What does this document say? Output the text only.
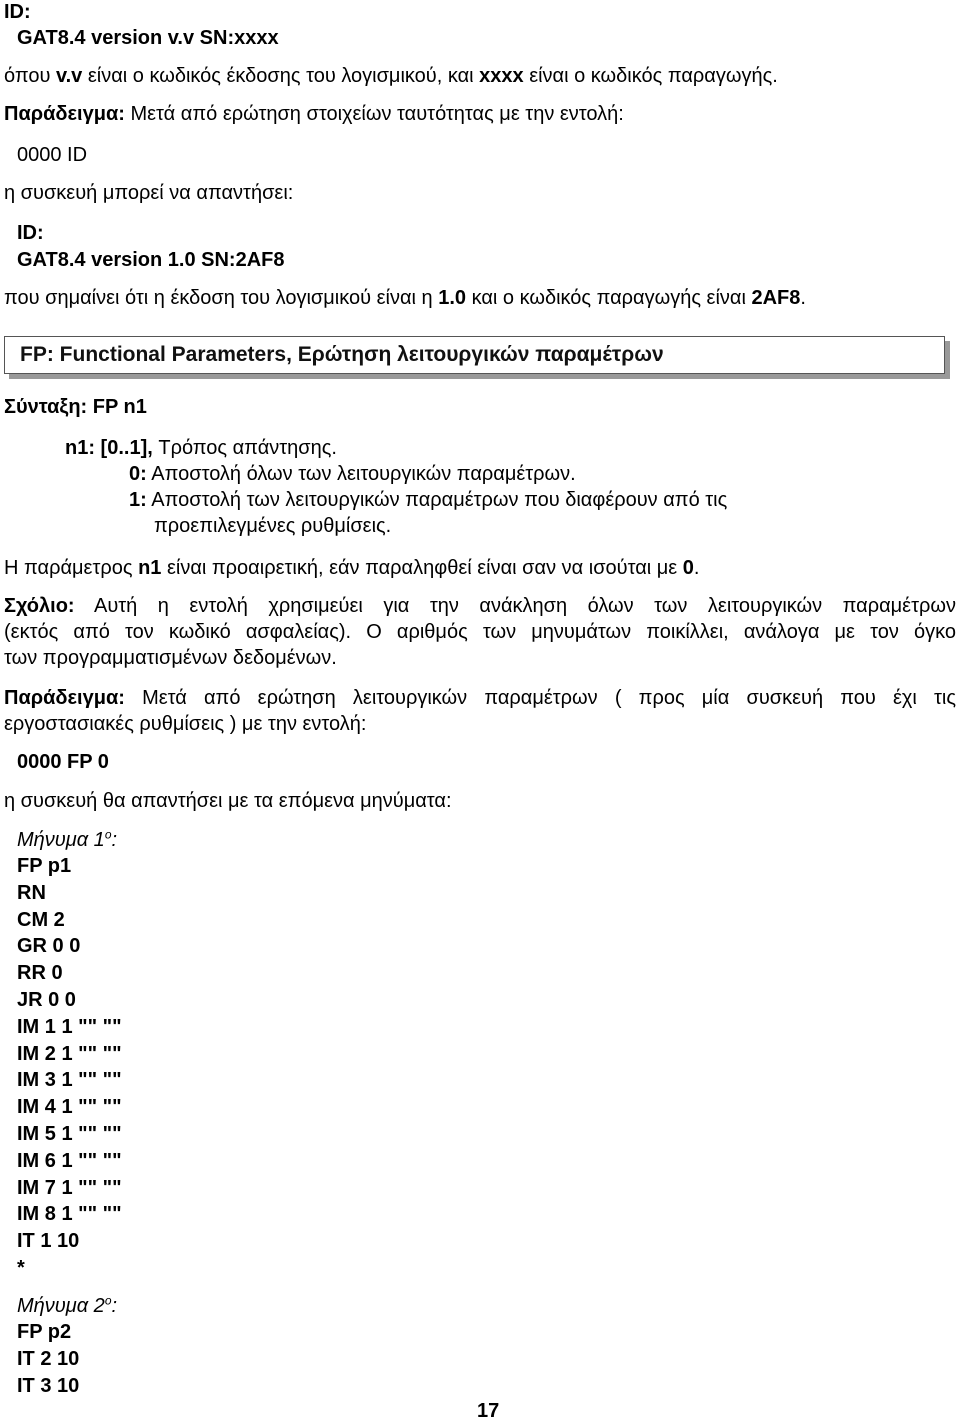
ID:
GAT8.4 version v.v SN:xxxx
όπου v.v είναι ο κωδικός έκδοσης του λογισμικού, και xxxx είναι ο κωδικός παραγωγής.
Παράδειγμα: Μετά από ερώτηση στοιχείων ταυτότητας με την εντολή:
0000 ID
η συσκευή μπορεί να απαντήσει:
ID:
GAT8.4 version 1.0 SN:2AF8
που σημαίνει ότι η έκδοση του λογισμικού είναι η 1.0 και ο κωδικός παραγωγής είναι 2AF8.
FP: Functional Parameters, Ερώτηση λειτουργικών παραμέτρων
Σύνταξη: FP n1
n1: [0..1], Τρόπος απάντησης.
0: Αποστολή όλων των λειτουργικών παραμέτρων.
1: Αποστολή των λειτουργικών παραμέτρων που διαφέρουν από τις
προεπιλεγμένες ρυθμίσεις.
Η παράμετρος n1 είναι προαιρετική, εάν παραληφθεί είναι σαν να ισούται με 0.
Σχόλιο: Αυτή η εντολή χρησιμεύει για την ανάκληση όλων των λειτουργικών παραμέτρων
(εκτός από τον κωδικό ασφαλείας). Ο αριθμός των μηνυμάτων ποικίλλει, ανάλογα με τον όγκο
των προγραμματισμένων δεδομένων.
Παράδειγμα: Μετά από ερώτηση λειτουργικών παραμέτρων ( προς μία συσκευή που έχι τις
εργοστασιακές ρυθμίσεις ) με την εντολή:
0000 FP 0
η συσκευή θα απαντήσει με τα επόμενα μηνύματα:
Μήνυμα $1^o$:
FP p1
RN
CM 2
GR 0 0
RR 0
JR 0 0
IM 1 1 "" ""
IM 2 1 "" ""
IM 3 1 "" ""
IM 4 1 "" ""
IM 5 1 "" ""
IM 6 1 "" ""
IM 7 1 "" ""
IM 8 1 "" ""
IT 1 10
*
Μήνυμα $2^o$:
FP p2
IT 2 10
IT 3 10
17
